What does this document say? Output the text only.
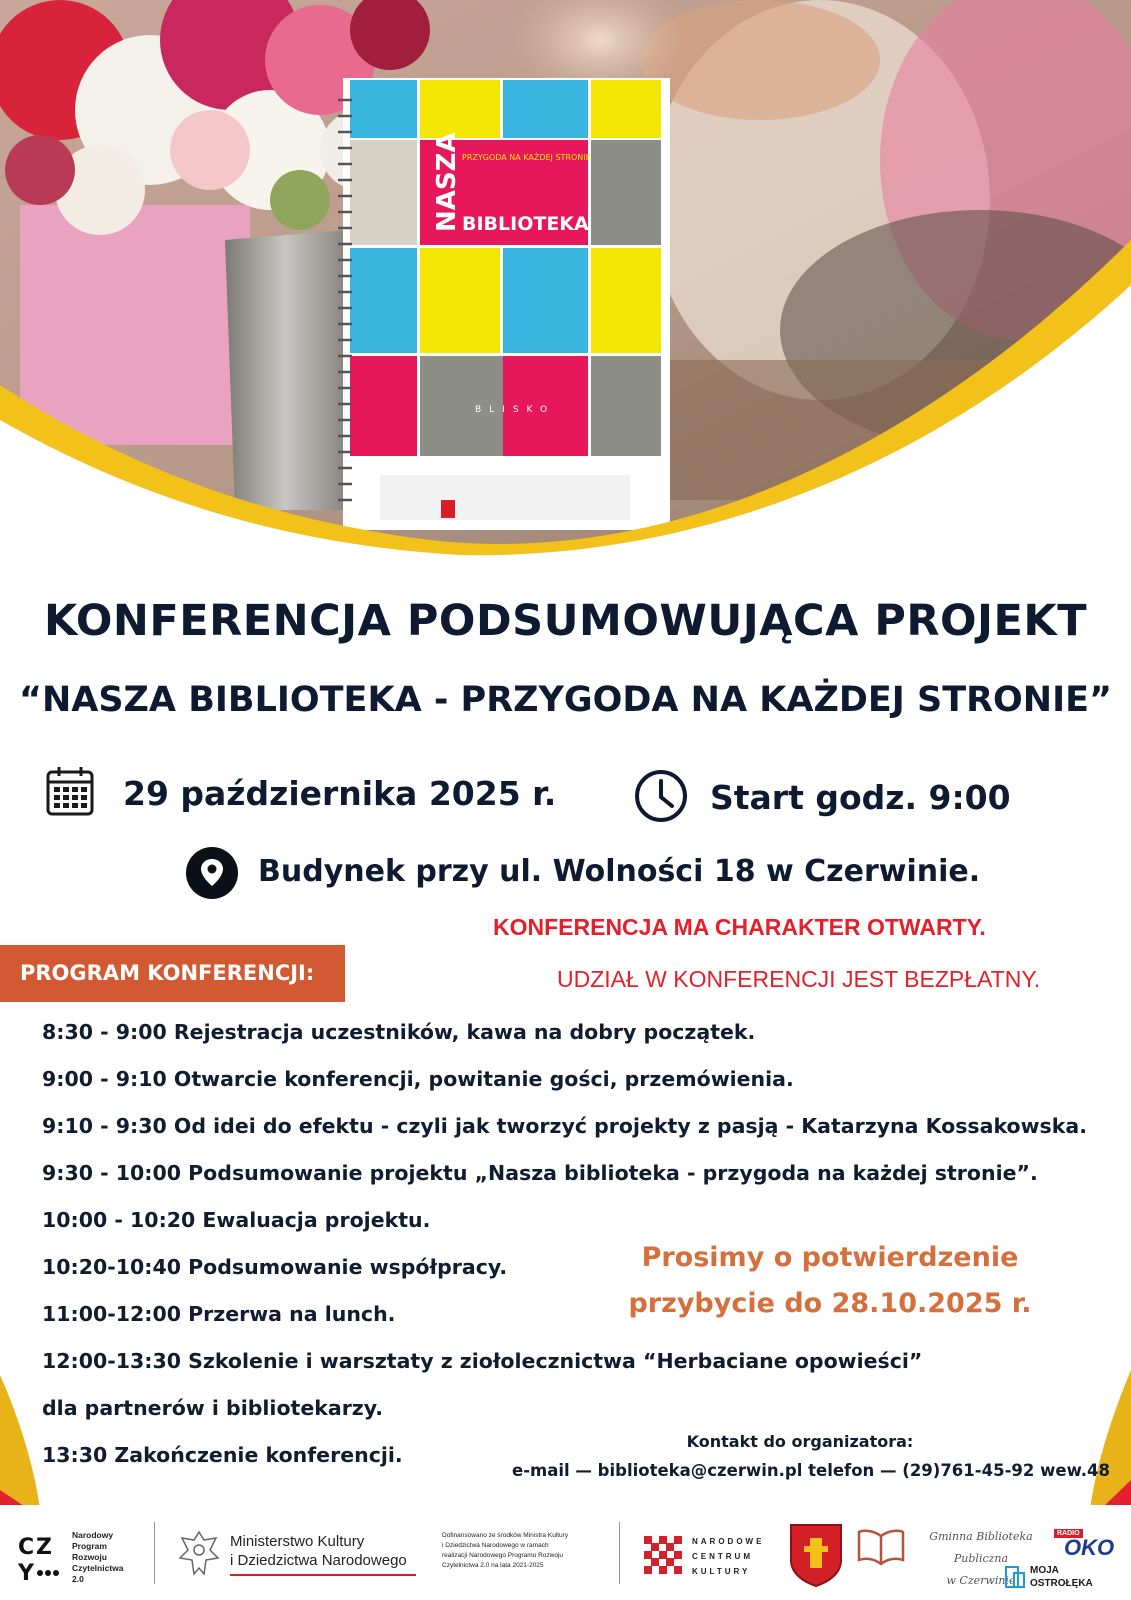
NASZA PRZYGODA NA KAŻDEJ STRONIE
BIBLIOTEKA
BLISKO
KONFERENCJA PODSUMOWUJĄCA PROJEKT
“NASZA BIBLIOTEKA - PRZYGODA NA KAŻDEJ STRONIE”
29 października 2025 r.	Start godz. 9:00
Budynek przy ul. Wolności 18 w Czerwinie.
KONFERENCJA MA CHARAKTER OTWARTY.
UDZIAŁ W KONFERENCJI JEST BEZPŁATNY.
PROGRAM KONFERENCJI:
8:30 - 9:00 Rejestracja uczestników, kawa na dobry początek.
9:00 - 9:10 Otwarcie konferencji, powitanie gości, przemówienia.
9:10 - 9:30 Od idei do efektu - czyli jak tworzyć projekty z pasją - Katarzyna Kossakowska.
9:30 - 10:00 Podsumowanie projektu „Nasza biblioteka - przygoda na każdej stronie”.
10:00 - 10:20 Ewaluacja projektu.
10:20-10:40 Podsumowanie współpracy.
11:00-12:00 Przerwa na lunch.
12:00-13:30 Szkolenie i warsztaty z ziołolecznictwa “Herbaciane opowieści”
dla partnerów i bibliotekarzy.
13:30 Zakończenie konferencji.
Prosimy o potwierdzenie
przybycie do 28.10.2025 r.
Kontakt do organizatora:
e-mail — biblioteka@czerwin.pl telefon — (29)761-45-92 wew.48
C Z
Y
Narodowy
Program
Rozwoju
Czytelnictwa
2.0
Ministerstwo Kultury
i Dziedzictwa Narodowego
Dofinansowano ze środków Ministra Kultury
i Dziedzictwa Narodowego w ramach
realizacji Narodowego Programu Rozwoju
Czytelnictwa 2.0 na lata 2021-2025
NARODOWE
CENTRUM
KULTURY
Gminna Biblioteka Publiczna
w Czerwinie
RADIO
OKO
MOJA
OSTROŁĘKA
